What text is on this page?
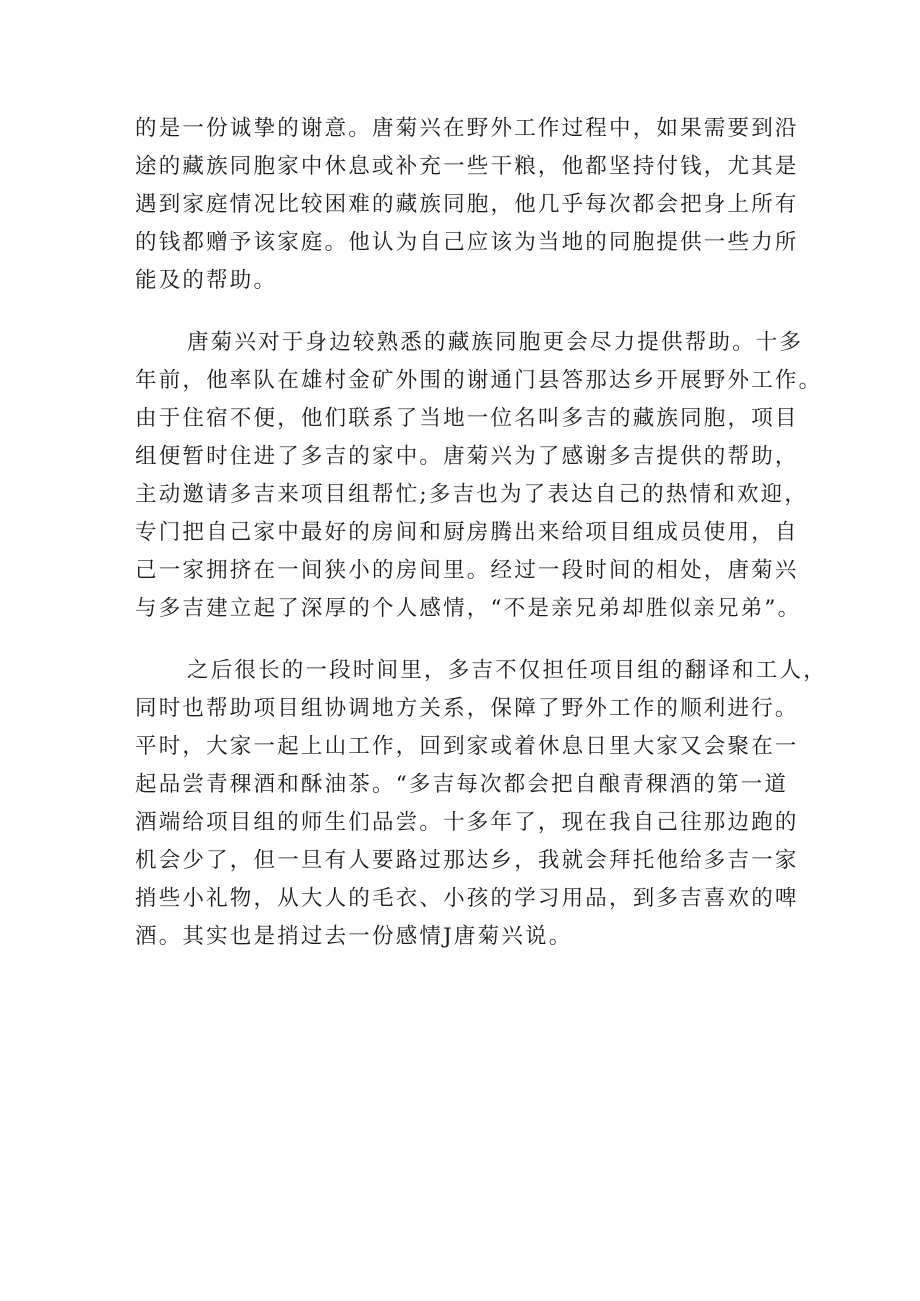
的是一份诚挚的谢意。唐菊兴在野外工作过程中，如果需要到沿
途的藏族同胞家中休息或补充一些干粮，他都坚持付钱，尤其是
遇到家庭情况比较困难的藏族同胞，他几乎每次都会把身上所有
的钱都赠予该家庭。他认为自己应该为当地的同胞提供一些力所
能及的帮助。

唐菊兴对于身边较熟悉的藏族同胞更会尽力提供帮助。十多
年前，他率队在雄村金矿外围的谢通门县答那达乡开展野外工作。
由于住宿不便，他们联系了当地一位名叫多吉的藏族同胞，项目
组便暂时住进了多吉的家中。唐菊兴为了感谢多吉提供的帮助，
主动邀请多吉来项目组帮忙;多吉也为了表达自己的热情和欢迎，
专门把自己家中最好的房间和厨房腾出来给项目组成员使用，自
己一家拥挤在一间狭小的房间里。经过一段时间的相处，唐菊兴
与多吉建立起了深厚的个人感情，“不是亲兄弟却胜似亲兄弟”。

之后很长的一段时间里，多吉不仅担任项目组的翻译和工人，
同时也帮助项目组协调地方关系，保障了野外工作的顺利进行。
平时，大家一起上山工作，回到家或着休息日里大家又会聚在一
起品尝青稞酒和酥油茶。“多吉每次都会把自酿青稞酒的第一道
酒端给项目组的师生们品尝。十多年了，现在我自己往那边跑的
机会少了，但一旦有人要路过那达乡，我就会拜托他给多吉一家
捎些小礼物，从大人的毛衣、小孩的学习用品，到多吉喜欢的啤
酒。其实也是捎过去一份感情J唐菊兴说。
